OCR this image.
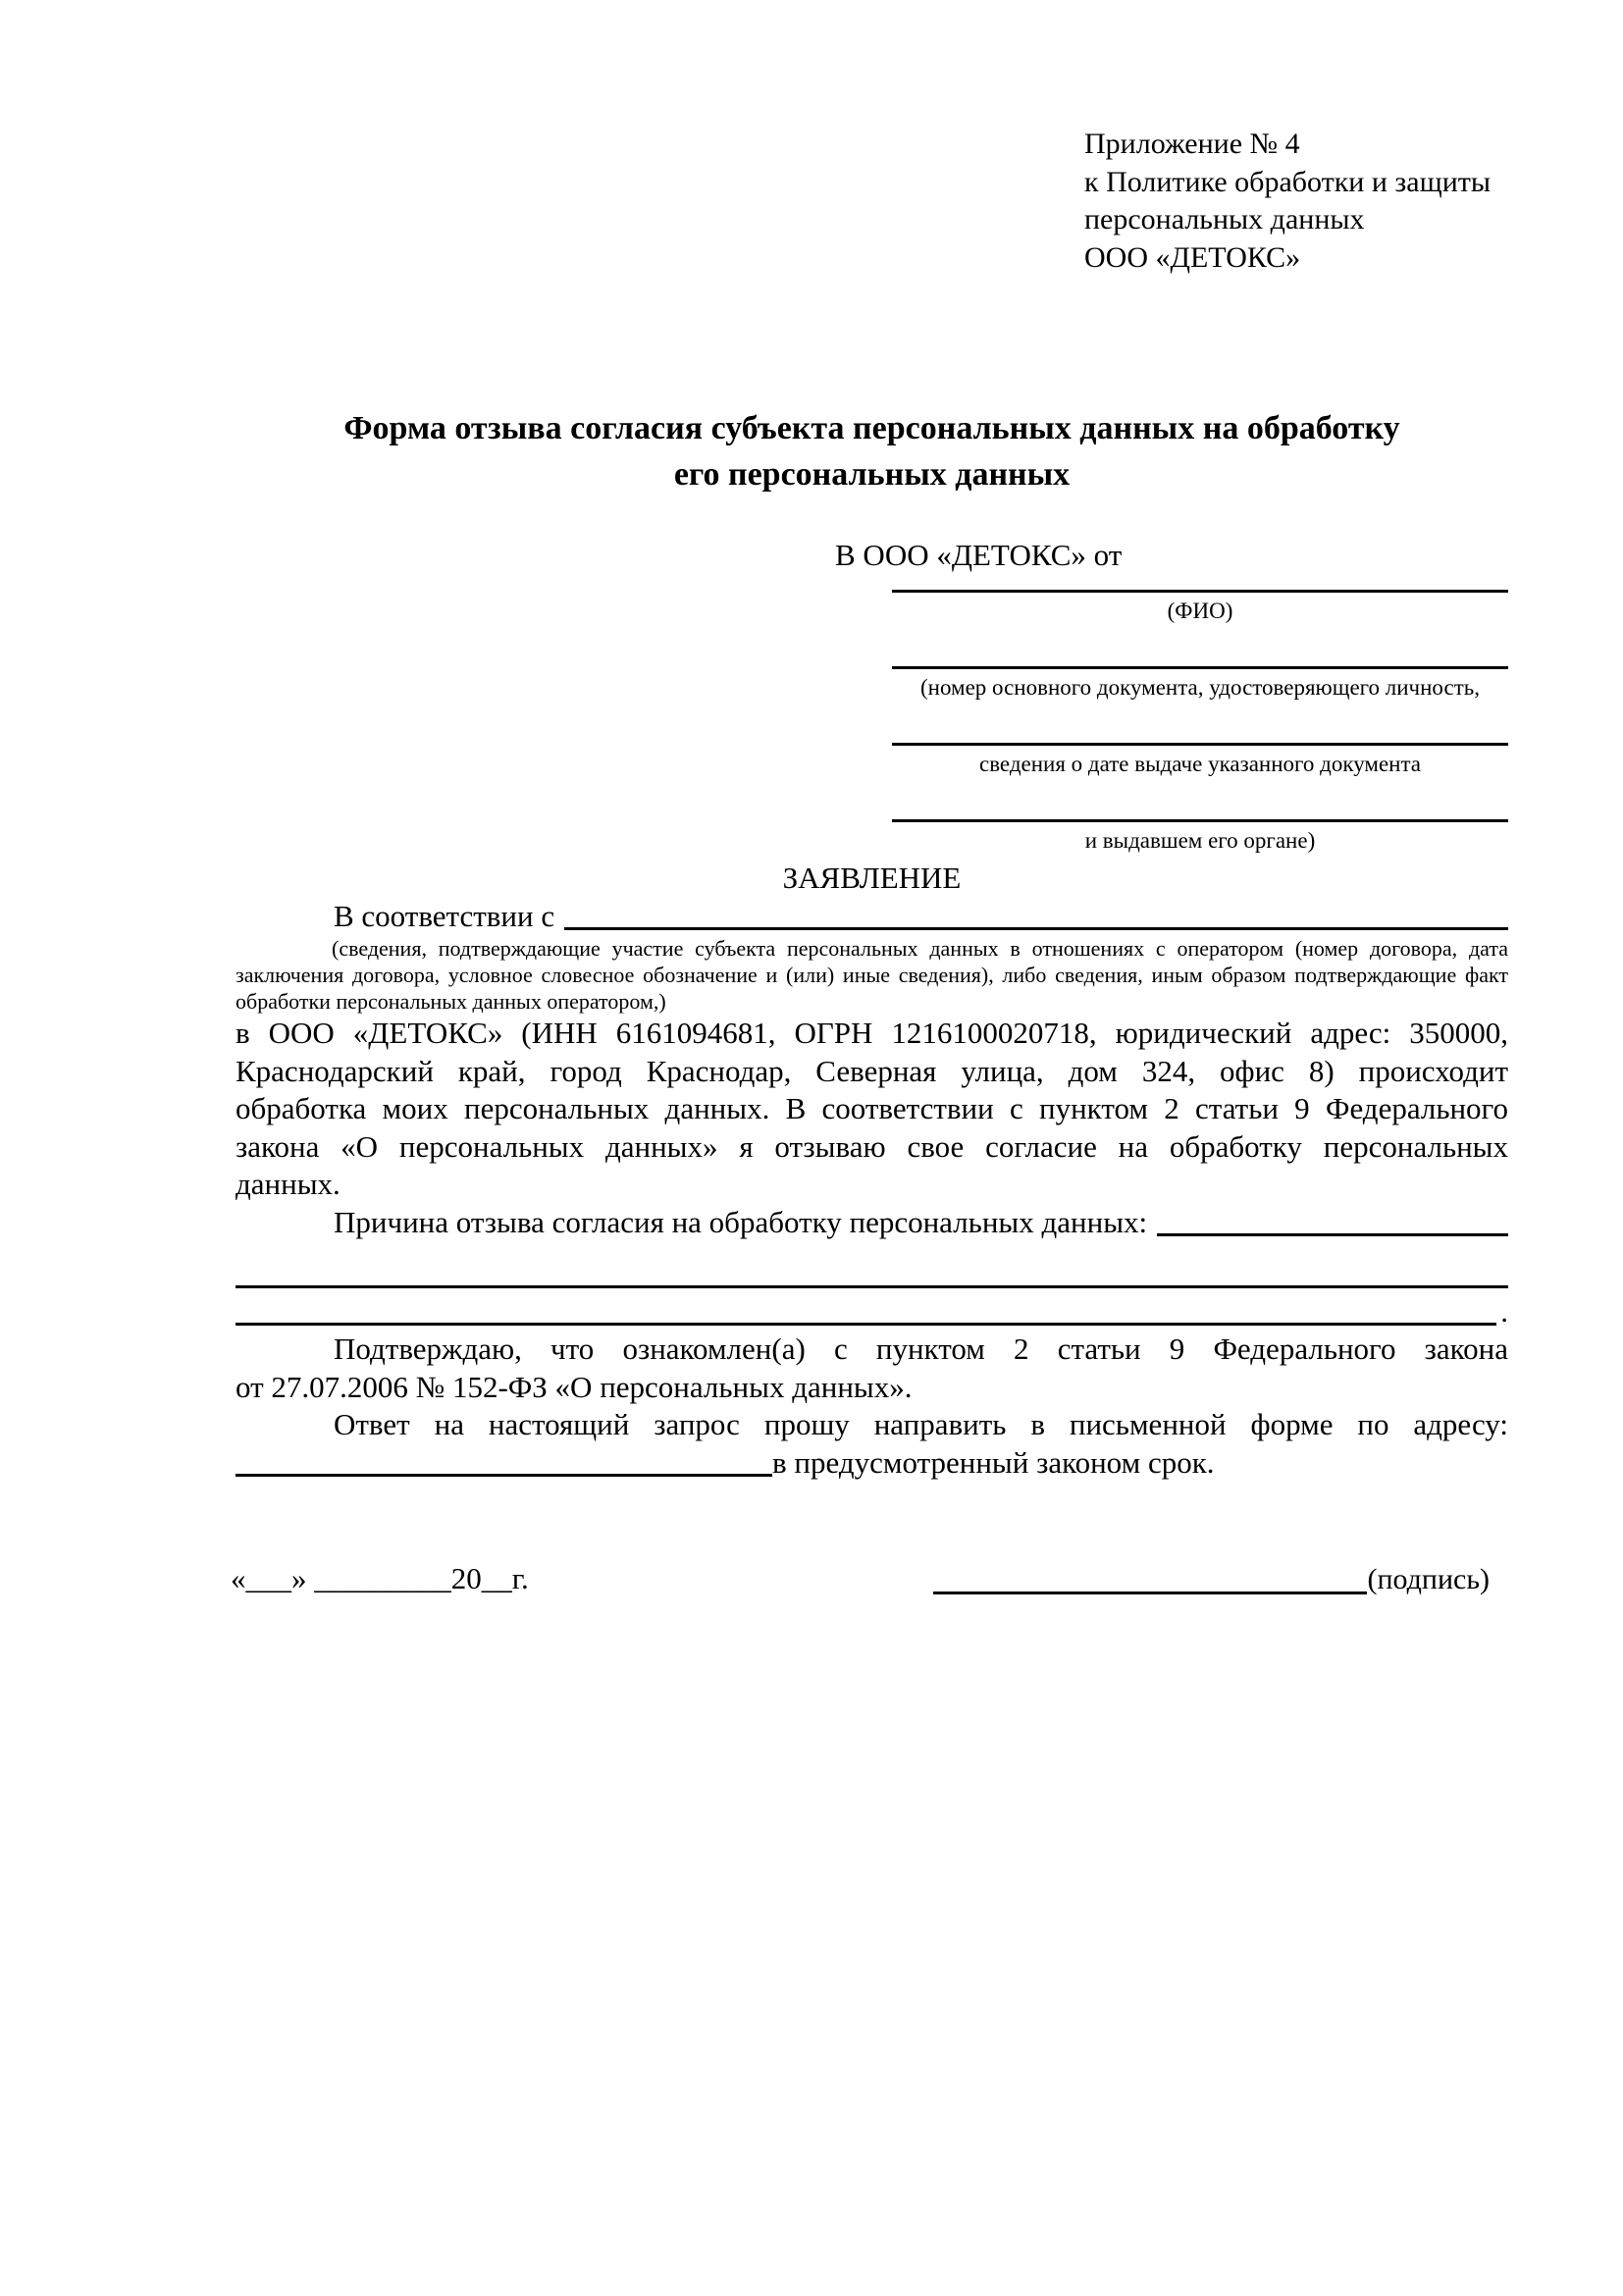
Приложение № 4
к Политике обработки и защиты
персональных данных
ООО «ДЕТОКС»
Форма отзыва согласия субъекта персональных данных на обработку
его персональных данных
В ООО «ДЕТОКС» от
(ФИО)
(номер основного документа, удостоверяющего личность,
сведения о дате выдаче указанного документа
и выдавшем его органе)
ЗАЯВЛЕНИЕ
В соответствии с
(сведения, подтверждающие участие субъекта персональных данных в отношениях с оператором (номер договора, дата заключения договора, условное словесное обозначение и (или) иные сведения), либо сведения, иным образом подтверждающие факт обработки персональных данных оператором,)
в ООО «ДЕТОКС» (ИНН 6161094681, ОГРН 1216100020718, юридический адрес: 350000, Краснодарский край, город Краснодар, Северная улица, дом 324, офис 8) происходит обработка моих персональных данных. В соответствии с пунктом 2 статьи 9 Федерального закона «О персональных данных» я отзываю свое согласие на обработку персональных данных.
Причина отзыва согласия на обработку персональных данных:
.
Подтверждаю, что ознакомлен(а) с пунктом 2 статьи 9 Федерального закона
от 27.07.2006 № 152-ФЗ «О персональных данных».
Ответ на настоящий запрос прошу направить в письменной форме по адресу:
в предусмотренный законом срок.
«___» _________20__г.	(подпись)
